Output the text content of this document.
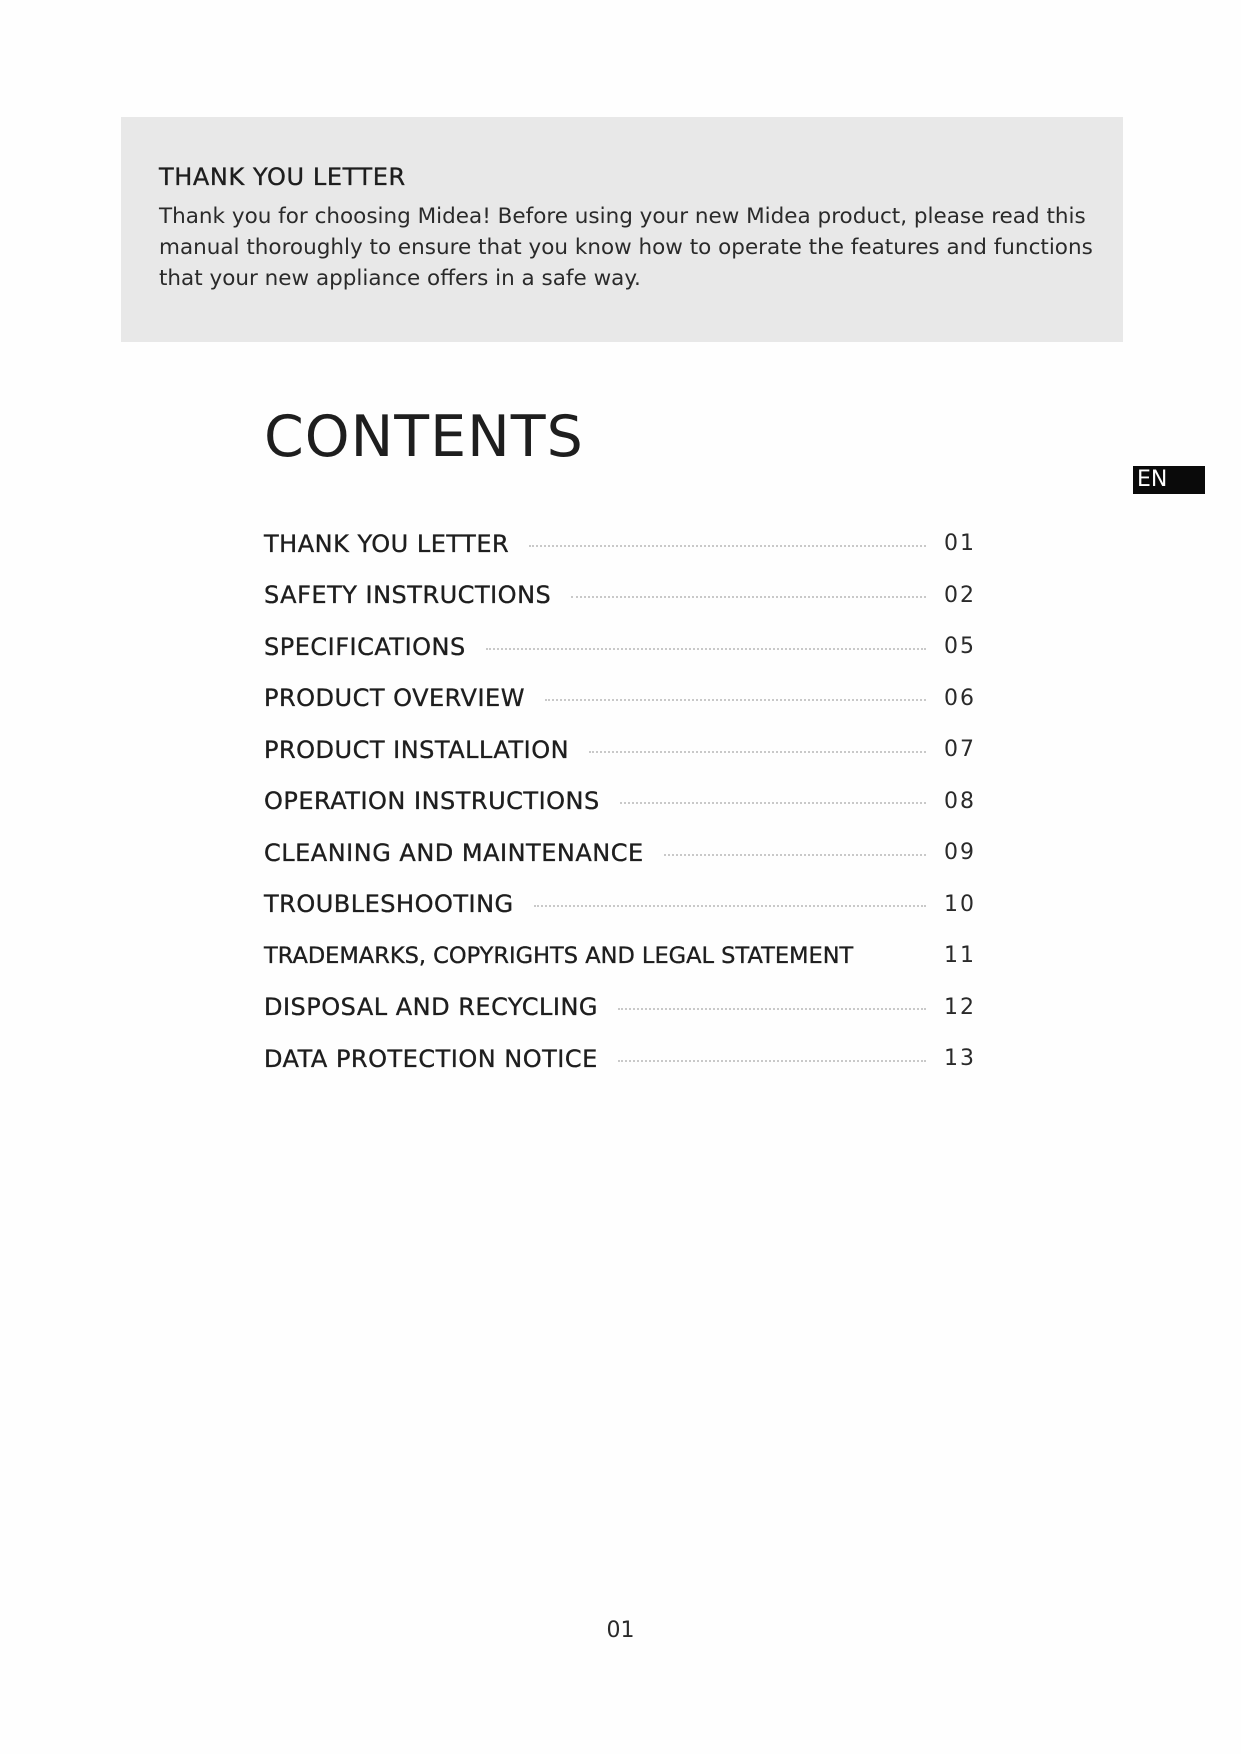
THANK YOU LETTER

Thank you for choosing Midea! Before using your new Midea product, please read this manual thoroughly to ensure that you know how to operate the features and functions that your new appliance offers in a safe way.

CONTENTS
EN
THANK YOU LETTER	01
SAFETY INSTRUCTIONS	02
SPECIFICATIONS	05
PRODUCT OVERVIEW	06
PRODUCT INSTALLATION	07
OPERATION INSTRUCTIONS	08
CLEANING AND MAINTENANCE	09
TROUBLESHOOTING	10
TRADEMARKS, COPYRIGHTS AND LEGAL STATEMENT	11
DISPOSAL AND RECYCLING	12
DATA PROTECTION NOTICE	13
01
